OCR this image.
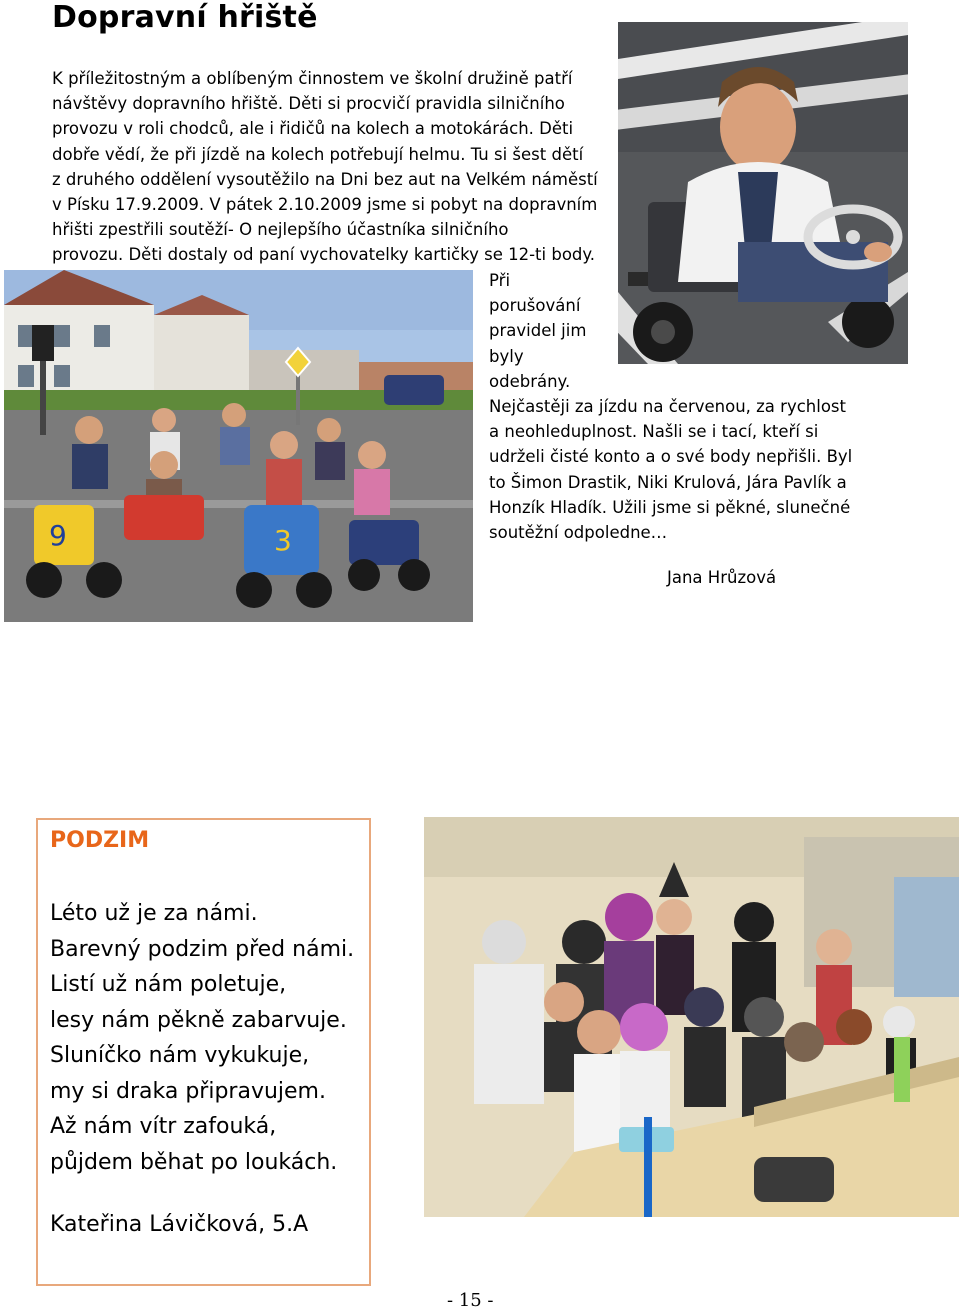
Dopravní hřiště
K příležitostným a oblíbeným činnostem ve školní družině patří
návštěvy dopravního hřiště. Děti si procvičí pravidla silničního
provozu v roli chodců, ale i řidičů na kolech a motokárách. Děti
dobře vědí, že při jízdě na kolech potřebují helmu. Tu si šest dětí
z druhého oddělení vysoutěžilo na Dni bez aut na Velkém náměstí
v Písku 17.9.2009. V pátek 2.10.2009 jsme si pobyt na dopravním
hřišti zpestřili soutěží- O nejlepšího účastníka silničního
provozu. Děti dostaly od paní vychovatelky kartičky se 12-ti body.
9	3
Při
porušování
pravidel jim
byly
odebrány.
Nejčastěji za jízdu na červenou, za rychlost
a neohleduplnost. Našli se i tací, kteří si
udrželi čisté konto a o své body nepřišli. Byl
to Šimon Drastik, Niki Krulová, Jára Pavlík a
Honzík Hladík. Užili jsme si pěkné, slunečné
soutěžní odpoledne…

Jana Hrůzová

PODZIM

Léto už je za námi.
Barevný podzim před námi.
Listí už nám poletuje,
lesy nám pěkně zabarvuje.
Sluníčko nám vykukuje,
my si draka připravujem.
Až nám vítr zafouká,
půjdem běhat po loukách.

Kateřina Lávičková, 5.A

- 15 -
